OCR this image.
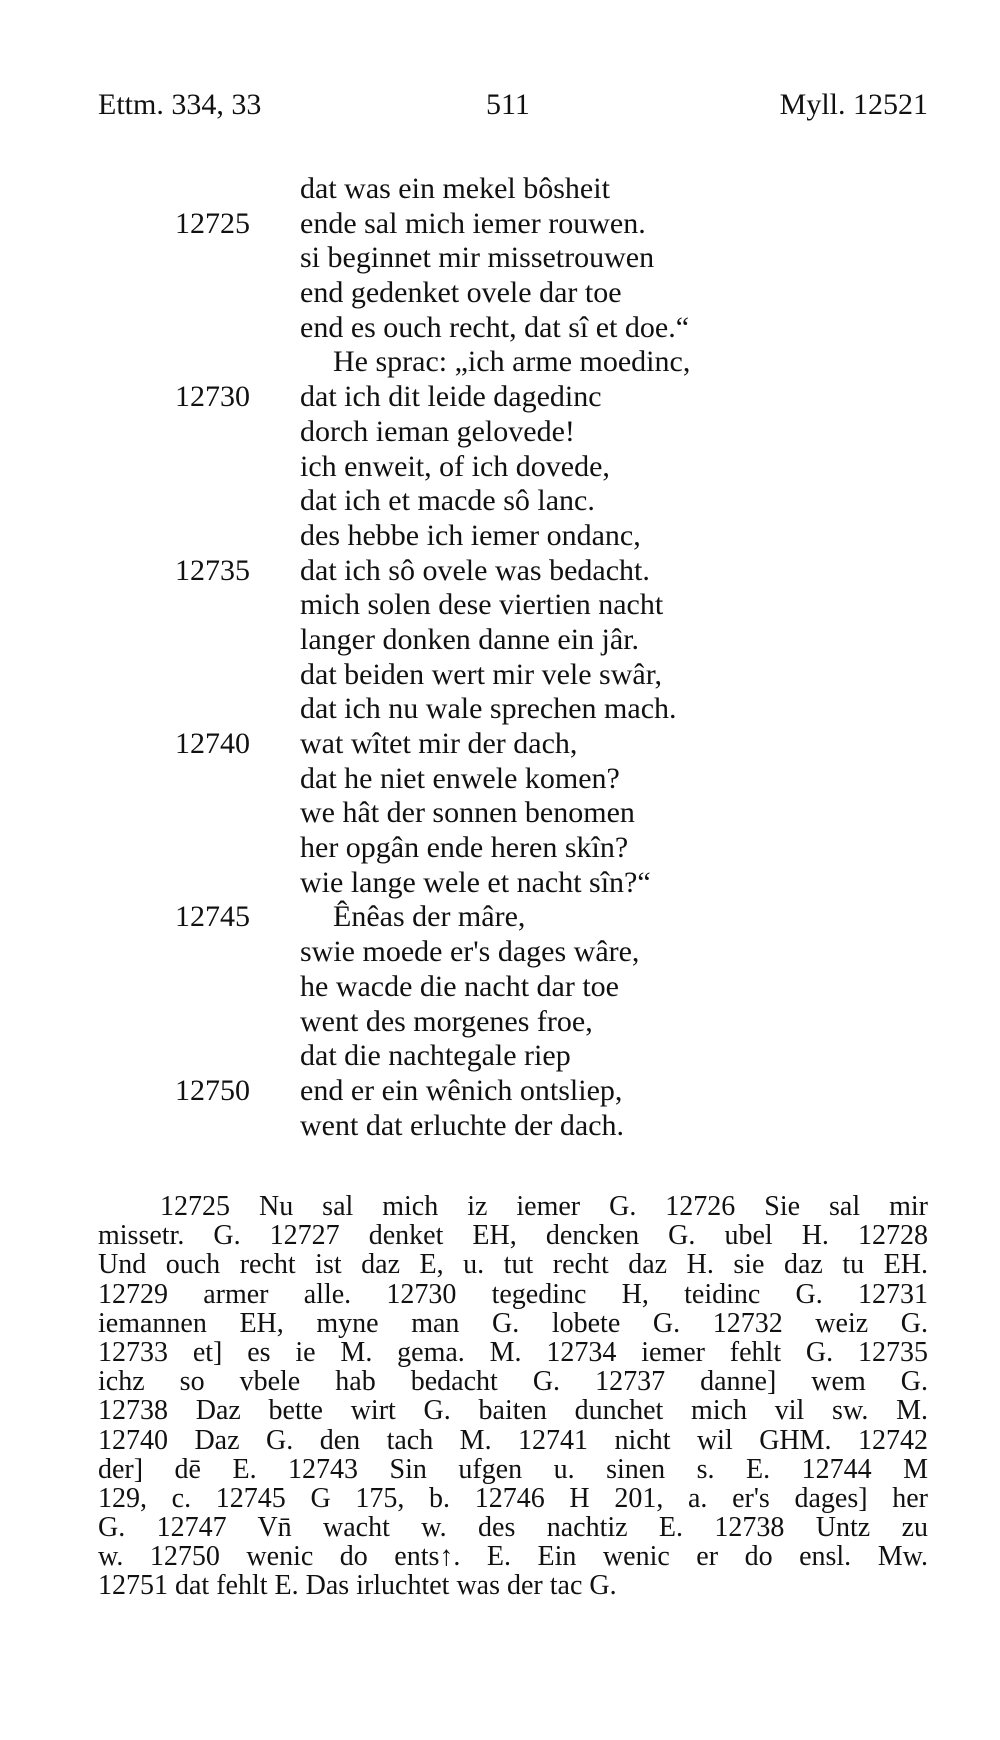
Ettm. 334, 33	511	Myll. 12521
dat was ein mekel bôsheit
12725	ende sal mich iemer rouwen.
si beginnet mir missetrouwen
end gedenket ovele dar toe
end es ouch recht, dat sî et doe.“
He sprac: „ich arme moedinc,
12730	dat ich dit leide dagedinc
dorch ieman gelovede!
ich enweit, of ich dovede,
dat ich et macde sô lanc.
des hebbe ich iemer ondanc,
12735	dat ich sô ovele was bedacht.
mich solen dese viertien nacht
langer donken danne ein jâr.
dat beiden wert mir vele swâr,
dat ich nu wale sprechen mach.
12740	wat wîtet mir der dach,
dat he niet enwele komen?
we hât der sonnen benomen
her opgân ende heren skîn?
wie lange wele et nacht sîn?“
12745	Ênêas der mâre,
swie moede er's dages wâre,
he wacde die nacht dar toe
went des morgenes froe,
dat die nachtegale riep
12750	end er ein wênich ontsliep,
went dat erluchte der dach.
12725 Nu sal mich iz iemer G. 12726 Sie sal mir
missetr. G. 12727 denket EH, dencken G. ubel H. 12728
Und ouch recht ist daz E, u. tut recht daz H. sie daz tu EH.
12729 armer alle. 12730 tegedinc H, teidinc G. 12731
iemannen EH, myne man G. lobete G. 12732 weiz G.
12733 et] es ie M. gema. M. 12734 iemer fehlt G. 12735
ichz so vbele hab bedacht G. 12737 danne] wem G.
12738 Daz bette wirt G. baiten dunchet mich vil sw. M.
12740 Daz G. den tach M. 12741 nicht wil GHM. 12742
der] dē E. 12743 Sin ufgen u. sinen s. E. 12744 M
129, c. 12745 G 175, b. 12746 H 201, a. er's dages] her
G. 12747 Vn̄ wacht w. des nachtiz E. 12738 Untz zu
w. 12750 wenic do ents↑. E. Ein wenic er do ensl. Mw.
12751 dat fehlt E. Das irluchtet was der tac G.
